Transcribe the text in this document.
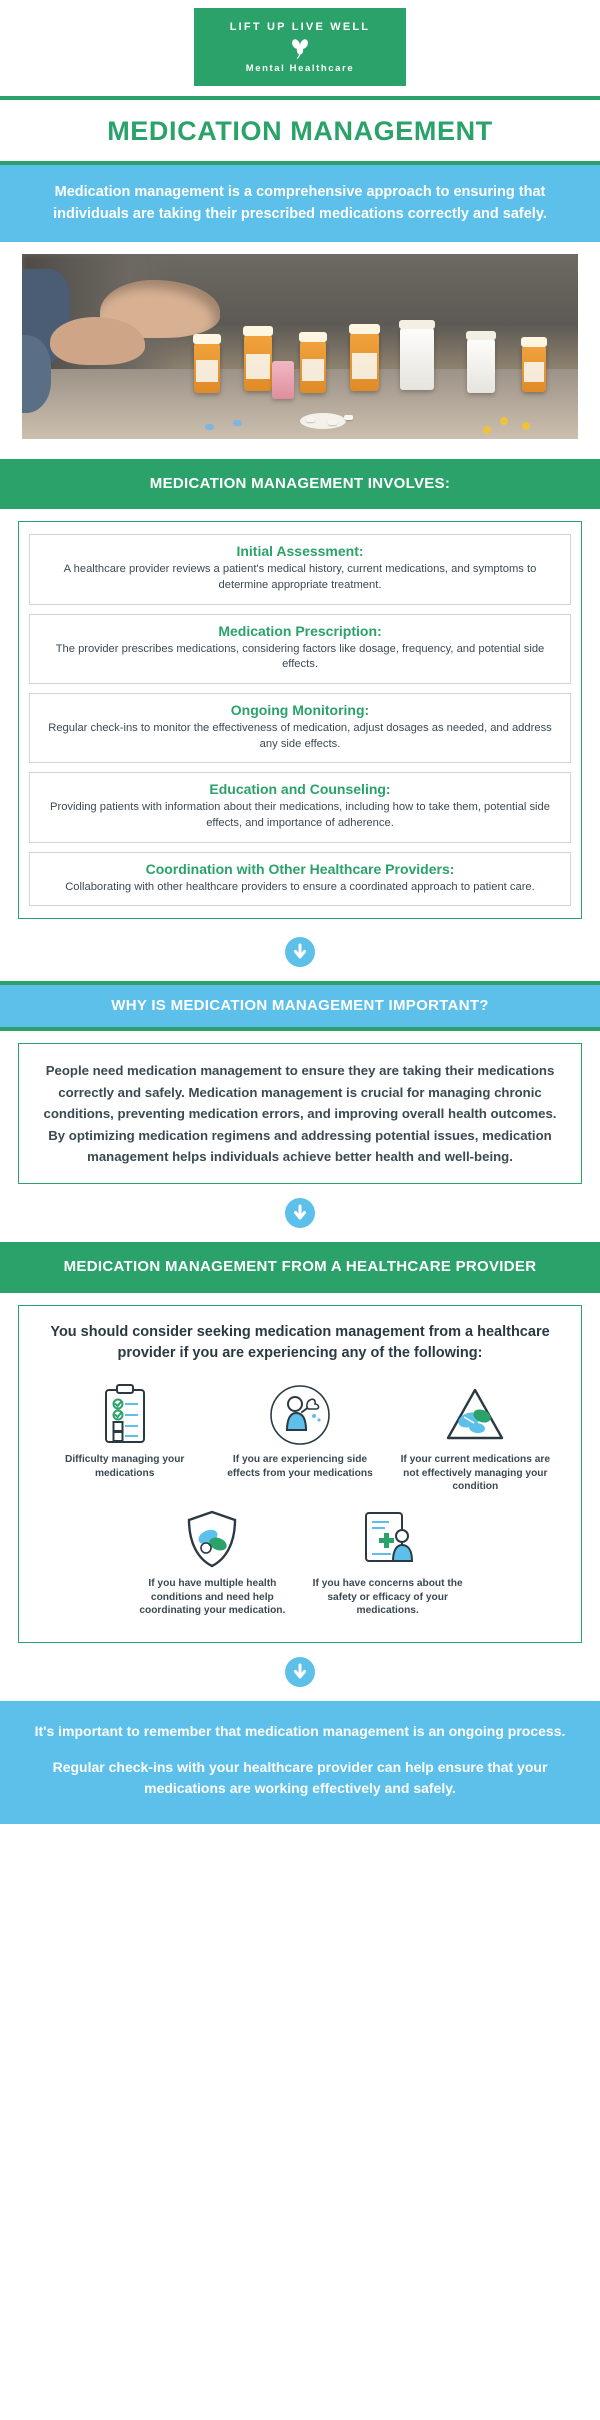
LIFT UP LIVE WELL
Mental Healthcare
MEDICATION MANAGEMENT
Medication management is a comprehensive approach to ensuring that individuals are taking their prescribed medications correctly and safely.
MEDICATION MANAGEMENT INVOLVES:
Initial Assessment:
A healthcare provider reviews a patient's medical history, current medications, and symptoms to determine appropriate treatment.
Medication Prescription:
The provider prescribes medications, considering factors like dosage, frequency, and potential side effects.
Ongoing Monitoring:
Regular check-ins to monitor the effectiveness of medication, adjust dosages as needed, and address any side effects.
Education and Counseling:
Providing patients with information about their medications, including how to take them, potential side effects, and importance of adherence.
Coordination with Other Healthcare Providers:
Collaborating with other healthcare providers to ensure a coordinated approach to patient care.
WHY IS MEDICATION MANAGEMENT IMPORTANT?
People need medication management to ensure they are taking their medications correctly and safely. Medication management is crucial for managing chronic conditions, preventing medication errors, and improving overall health outcomes. By optimizing medication regimens and addressing potential issues, medication management helps individuals achieve better health and well-being.
MEDICATION MANAGEMENT FROM A HEALTHCARE PROVIDER
You should consider seeking medication management from a healthcare provider if you are experiencing any of the following:
Difficulty managing your medications
If you are experiencing side effects from your medications
If your current medications are not effectively managing your condition
If you have multiple health conditions and need help coordinating your medication.
If you have concerns about the safety or efficacy of your medications.

It's important to remember that medication management is an ongoing process.

Regular check-ins with your healthcare provider can help ensure that your medications are working effectively and safely.
